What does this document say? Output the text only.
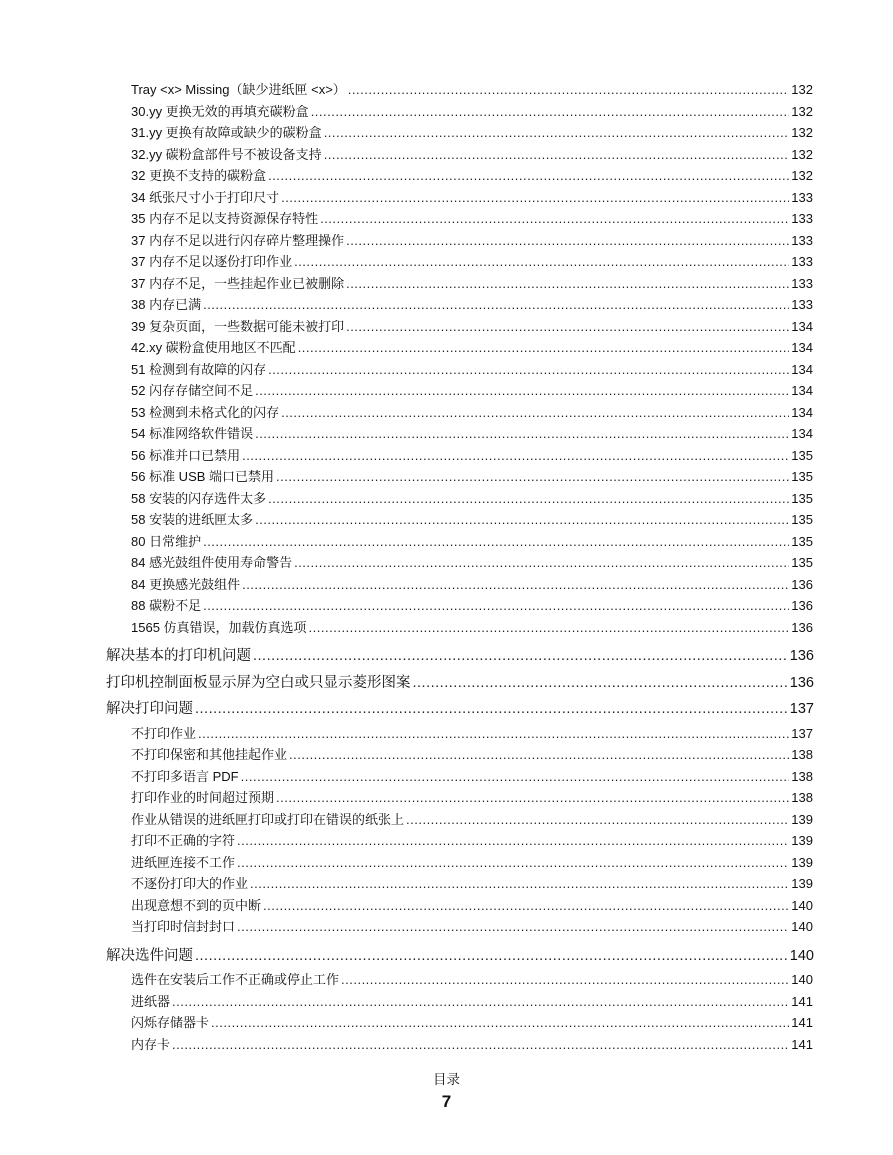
Tray <x> Missing（缺少进纸匣 <x>） .....	132
30.yy 更换无效的再填充碳粉盒 .....	132
31.yy 更换有故障或缺少的碳粉盒 .....	132
32.yy 碳粉盒部件号不被设备支持 .....	132
32 更换不支持的碳粉盒 .....	132
34 纸张尺寸小于打印尺寸 .....	133
35 内存不足以支持资源保存特性 .....	133
37 内存不足以进行闪存碎片整理操作 .....	133
37 内存不足以逐份打印作业 .....	133
37 内存不足，一些挂起作业已被删除 .....	133
38 内存已满 .....	133
39 复杂页面，一些数据可能未被打印 .....	134
42.xy 碳粉盒使用地区不匹配 .....	134
51 检测到有故障的闪存 .....	134
52 闪存存储空间不足 .....	134
53 检测到未格式化的闪存 .....	134
54 标准网络软件错误 .....	134
56 标准并口已禁用 .....	135
56 标准 USB 端口已禁用 .....	135
58 安装的闪存选件太多 .....	135
58 安装的进纸匣太多 .....	135
80 日常维护 .....	135
84 感光鼓组件使用寿命警告 .....	135
84 更换感光鼓组件 .....	136
88 碳粉不足 .....	136
1565 仿真错误，加载仿真选项 .....	136
解决基本的打印机问题 .....	136
打印机控制面板显示屏为空白或只显示菱形图案 .....	136
解决打印问题 .....	137
不打印作业 .....	137
不打印保密和其他挂起作业 .....	138
不打印多语言 PDF .....	138
打印作业的时间超过预期 .....	138
作业从错误的进纸匣打印或打印在错误的纸张上 .....	139
打印不正确的字符 .....	139
进纸匣连接不工作 .....	139
不逐份打印大的作业 .....	139
出现意想不到的页中断 .....	140
当打印时信封封口 .....	140
解决选件问题 .....	140
选件在安装后工作不正确或停止工作 .....	140
进纸器 .....	141
闪烁存储器卡 .....	141
内存卡 .....	141
目录
7
